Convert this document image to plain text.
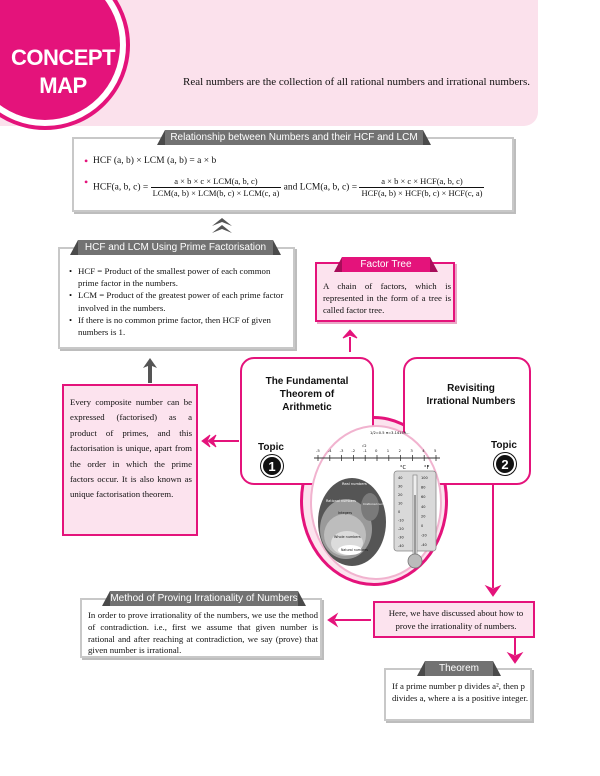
CONCEPT
MAP	Real numbers are the collection of all rational numbers and irrational numbers.
• HCF (a, b) × LCM (a, b) = a × b
• HCF(a, b, $c) = \frac{\text{a × b × c × LCM(a, b, c)}}{\text{LCM(a, b) × LCM(b, c) × LCM(c, a)}}$ and LCM(a, b, $c) = \frac{\text{a × b × c × HCF(a, b, c)}}{\text{HCF(a, b) × HCF(b, c) × HCF(c, a)}}$
Relationship between Numbers and their HCF and LCM
• HCF = Product of the smallest power of each common prime factor in the numbers.
• LCM = Product of the greatest power of each prime factor involved in the numbers.
• If there is no common prime factor, then HCF of given numbers is 1.
HCF and LCM Using Prime Factorisation
A chain of factors, which is represented in the form of a tree is called factor tree.
Factor Tree
Every composite number can be expressed (factorised) as a product of primes, and this factorisation is unique, apart from the order in which the prime factors occur. It is also known as unique factorisation theorem.
The Fundamental Theorem of Arithmetic
Topic
1
Revisiting Irrational Numbers
Topic
2
-5 -4 -3 -2 -1 0 1 2 3 4 5
1/2=0.5 π=3.14159...
√2
Real numbers
Rational numbers
Integers
Whole numbers
Natural numbers
Irrational numbers
°C	°F
40
30
20
10
0
-10
-20
-30
-40
100
80
60
40
20
0
-20
-40
In order to prove irrationality of the numbers, we use the method of contradiction. i.e., first we assume that given number is rational and after reaching at contradiction, we say (prove) that given number is irrational.
Method of Proving Irrationality of Numbers
Here, we have discussed about how to prove the irrationality of numbers.
If a prime number p divides a², then p divides a, where a is a positive integer.
Theorem
